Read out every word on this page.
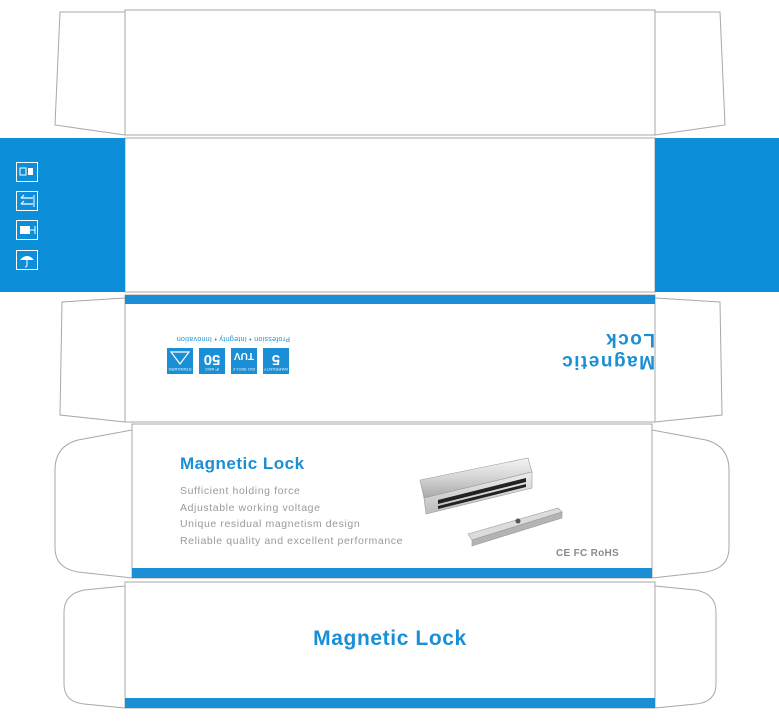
Magnetic Lock
Profession • Integrity • Innovation
WARRANTY
5
ISO 9001:2
TUV
IP 68/C
50
STANDARD
Magnetic Lock
Sufficient holding force
Adjustable working voltage
Unique residual magnetism design
Reliable quality and excellent performance
CE FC RoHS
Magnetic Lock
